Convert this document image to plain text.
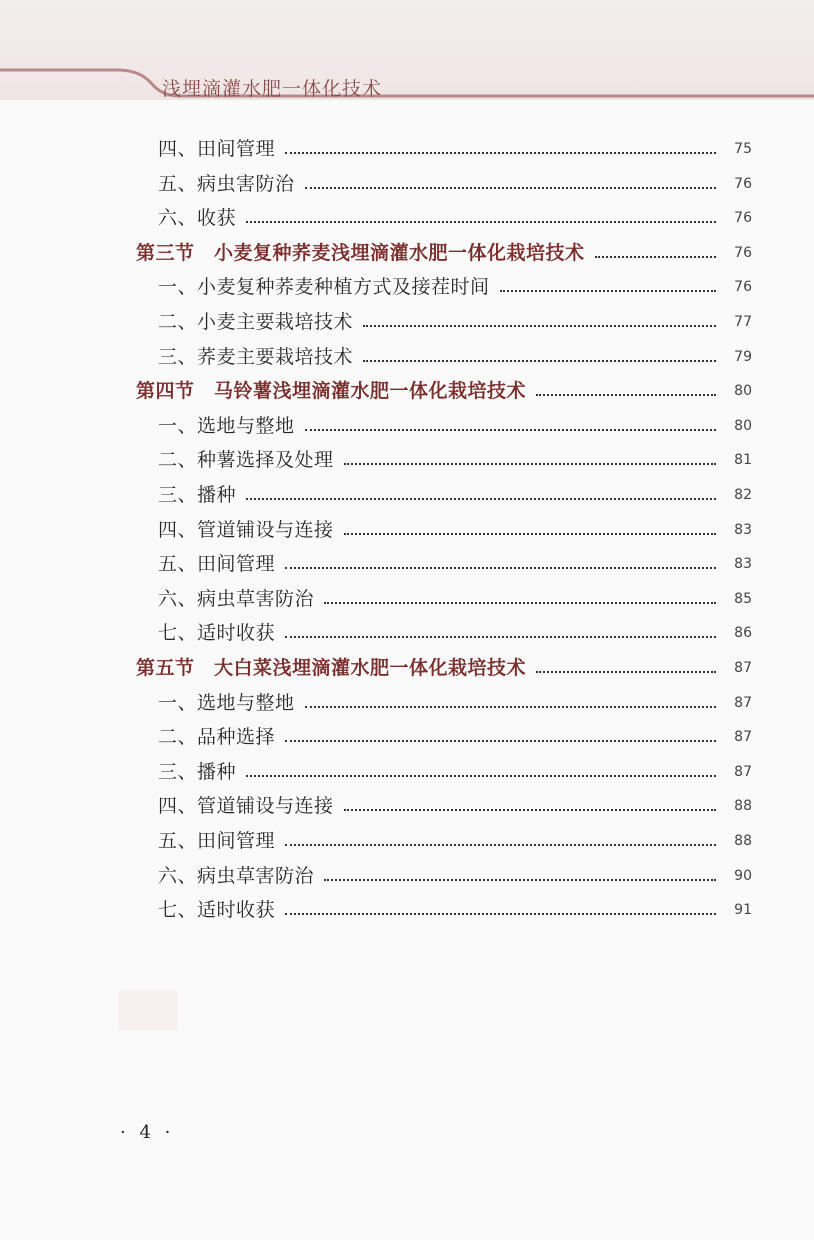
浅埋滴灌水肥一体化技术
四、田间管理	75
五、病虫害防治	76
六、收获	76
第三节　小麦复种荞麦浅埋滴灌水肥一体化栽培技术	76
一、小麦复种荞麦种植方式及接茬时间	76
二、小麦主要栽培技术	77
三、荞麦主要栽培技术	79
第四节　马铃薯浅埋滴灌水肥一体化栽培技术	80
一、选地与整地	80
二、种薯选择及处理	81
三、播种	82
四、管道铺设与连接	83
五、田间管理	83
六、病虫草害防治	85
七、适时收获	86
第五节　大白菜浅埋滴灌水肥一体化栽培技术	87
一、选地与整地	87
二、品种选择	87
三、播种	87
四、管道铺设与连接	88
五、田间管理	88
六、病虫草害防治	90
七、适时收获	91
· 4 ·
